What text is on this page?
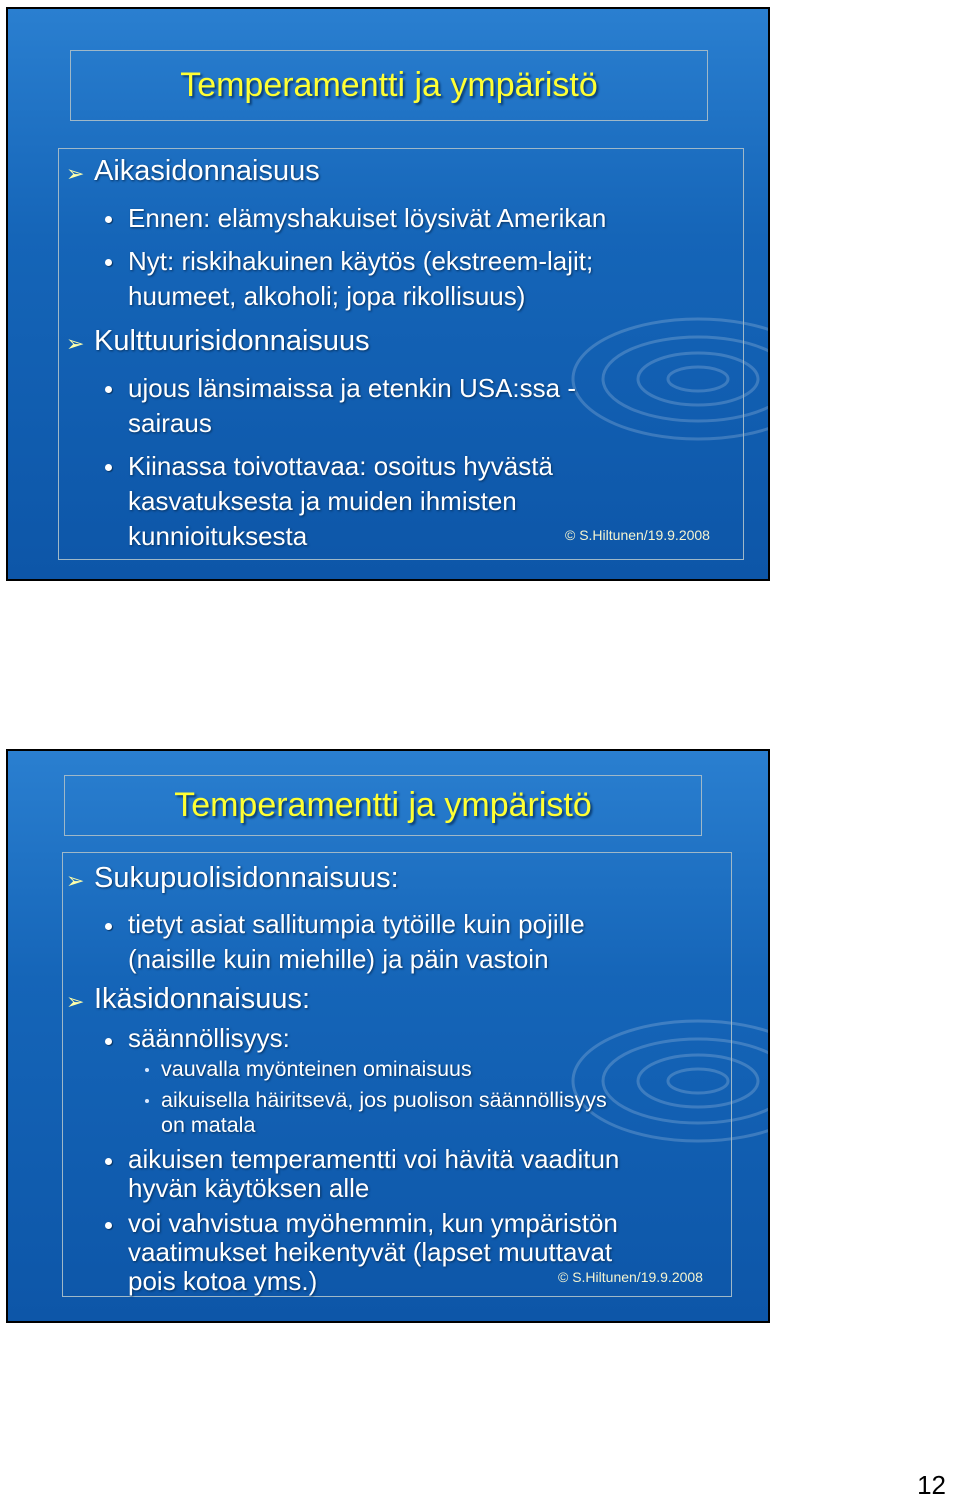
Temperamentti ja ympäristö
➢ Aikasidonnaisuus
Ennen: elämyshakuiset löysivät Amerikan
Nyt: riskihakuinen käytös (ekstreem-lajit;
huumeet, alkoholi; jopa rikollisuus)
➢ Kulttuurisidonnaisuus
ujous länsimaissa ja etenkin USA:ssa -
sairaus
Kiinassa toivottavaa: osoitus hyvästä
kasvatuksesta ja muiden ihmisten
kunnioituksesta	© S.Hiltunen/19.9.2008
Temperamentti ja ympäristö
➢ Sukupuolisidonnaisuus:
tietyt asiat sallitumpia tytöille kuin pojille
(naisille kuin miehille) ja päin vastoin
➢ Ikäsidonnaisuus:
säännöllisyys:
vauvalla myönteinen ominaisuus
aikuisella häiritsevä, jos puolison säännöllisyys
on matala
aikuisen temperamentti voi hävitä vaaditun
hyvän käytöksen alle
voi vahvistua myöhemmin, kun ympäristön
vaatimukset heikentyvät (lapset muuttavat
pois kotoa yms.)	© S.Hiltunen/19.9.2008
12
